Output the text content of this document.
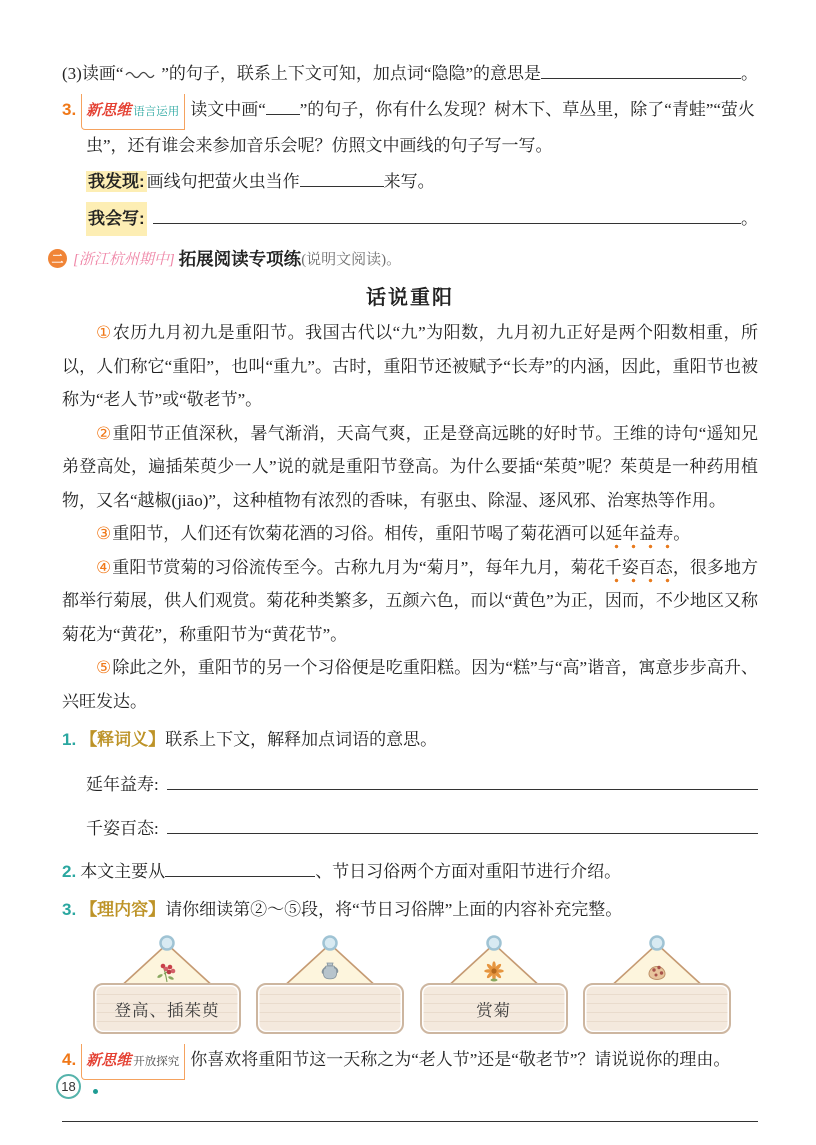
(3) 读画“ ”的句子，联系上下文可知，加点词“隐隐”的意思是	。

3. 新思维 语言运用 读文中画“ ”的句子，你有什么发现？树木下、草丛里，除了“青蛙”“萤火虫”，还有谁会来参加音乐会呢？仿照文中画线的句子写一写。

我发现: 画线句把萤火虫当作	来写。

我会写:	。

二 [浙江杭州期中] 拓展阅读专项练 (说明文阅读)。
话说重阳

①农历九月初九是重阳节。我国古代以“九”为阳数，九月初九正好是两个阳数相重，所以，人们称它“重阳”，也叫“重九”。古时，重阳节还被赋予“长寿”的内涵，因此，重阳节也被称为“老人节”或“敬老节”。

②重阳节正值深秋，暑气渐消，天高气爽，正是登高远眺的好时节。王维的诗句“遥知兄弟登高处，遍插茱萸少一人”说的就是重阳节登高。为什么要插“茱萸”呢？茱萸是一种药用植物，又名“越椒(jiāo)”，这种植物有浓烈的香味，有驱虫、除湿、逐风邪、治寒热等作用。

③重阳节，人们还有饮菊花酒的习俗。相传，重阳节喝了菊花酒可以延年益寿。

④重阳节赏菊的习俗流传至今。古称九月为“菊月”，每年九月，菊花千姿百态，很多地方都举行菊展，供人们观赏。菊花种类繁多，五颜六色，而以“黄色”为正，因而，不少地区又称菊花为“黄花”，称重阳节为“黄花节”。

⑤除此之外，重阳节的另一个习俗便是吃重阳糕。因为“糕”与“高”谐音，寓意步步高升、兴旺发达。

1. 【释词义】联系上下文，解释加点词语的意思。

延年益寿:
千姿百态:

2. 本文主要从	、节日习俗两个方面对重阳节进行介绍。

3. 【理内容】请你细读第②～⑤段，将“节日习俗牌”上面的内容补充完整。

登高、插茱萸	赏菊

4. 新思维 开放探究 你喜欢将重阳节这一天称之为“老人节”还是“敬老节”？请说说你的理由。

18
